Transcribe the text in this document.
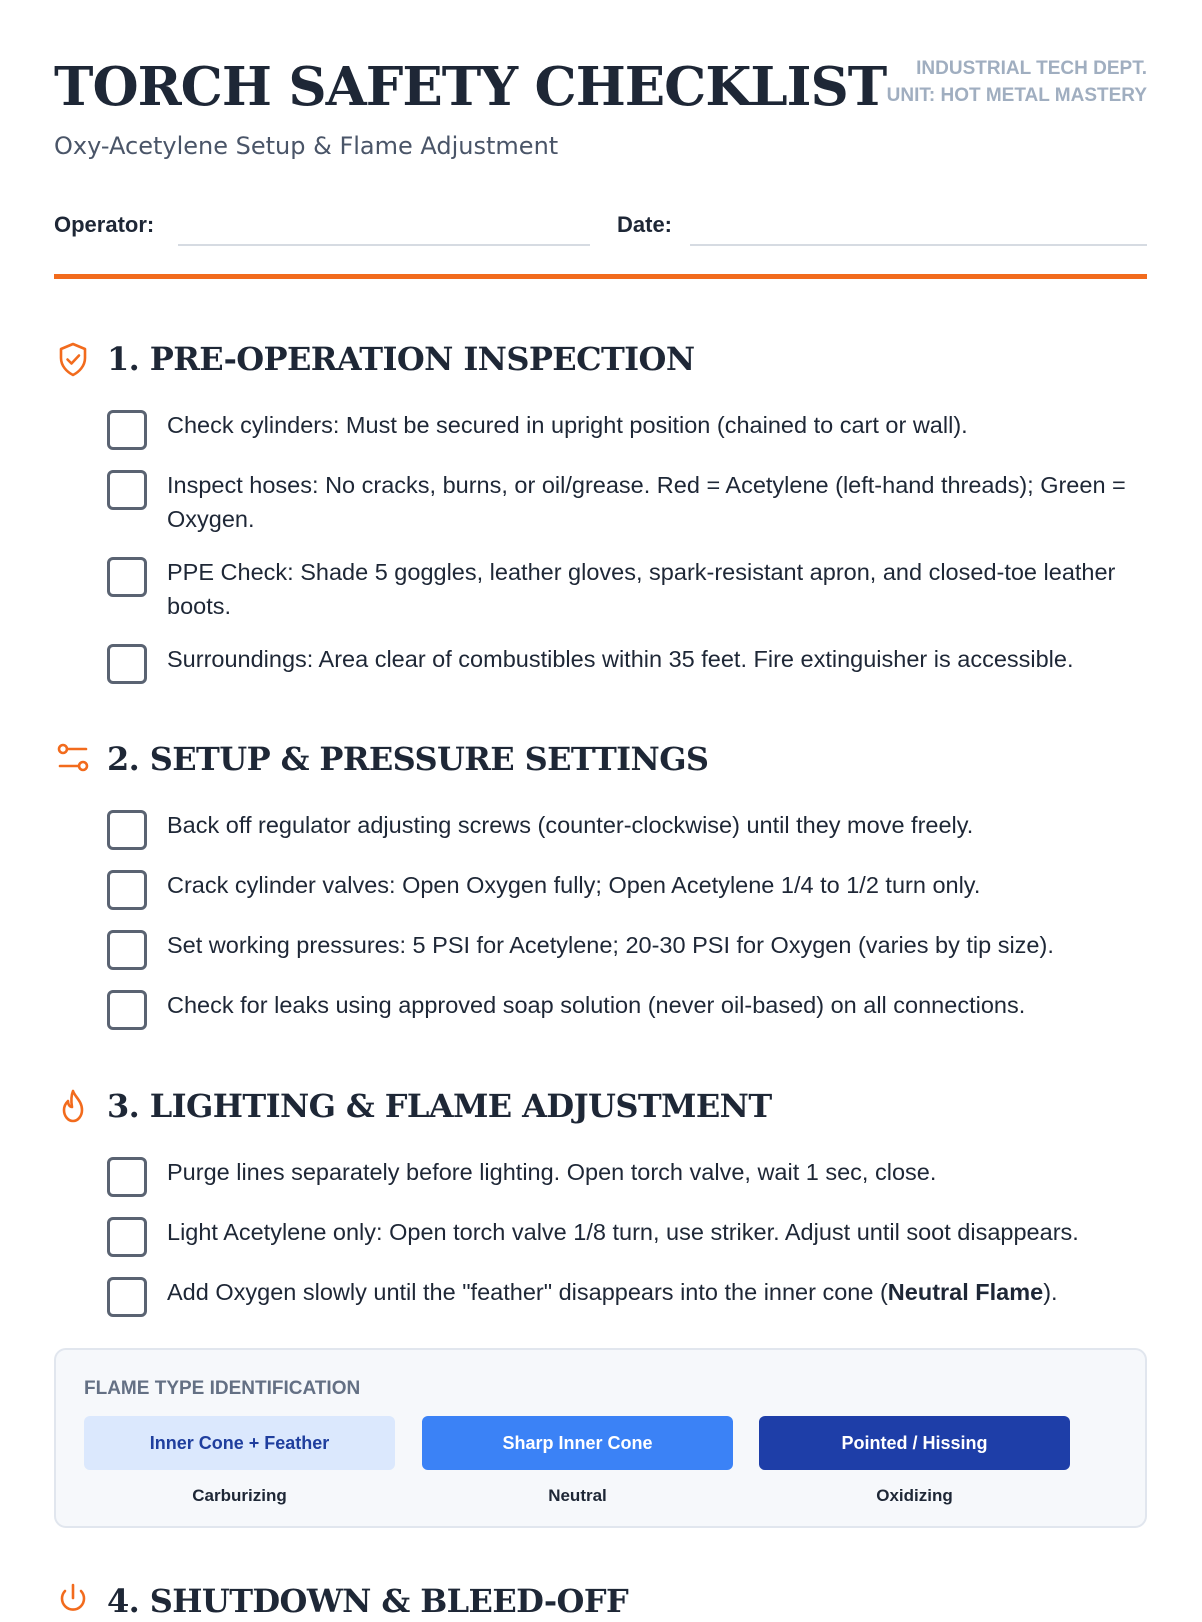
TORCH SAFETY CHECKLIST	INDUSTRIAL TECH DEPT.
UNIT: HOT METAL MASTERY
Oxy-Acetylene Setup & Flame Adjustment
Operator:	Date:
1. PRE-OPERATION INSPECTION
Check cylinders: Must be secured in upright position (chained to cart or wall).
Inspect hoses: No cracks, burns, or oil/grease. Red = Acetylene (left-hand threads); Green = Oxygen.
PPE Check: Shade 5 goggles, leather gloves, spark-resistant apron, and closed-toe leather boots.
Surroundings: Area clear of combustibles within 35 feet. Fire extinguisher is accessible.
2. SETUP & PRESSURE SETTINGS
Back off regulator adjusting screws (counter-clockwise) until they move freely.
Crack cylinder valves: Open Oxygen fully; Open Acetylene 1/4 to 1/2 turn only.
Set working pressures: 5 PSI for Acetylene; 20-30 PSI for Oxygen (varies by tip size).
Check for leaks using approved soap solution (never oil-based) on all connections.
3. LIGHTING & FLAME ADJUSTMENT
Purge lines separately before lighting. Open torch valve, wait 1 sec, close.
Light Acetylene only: Open torch valve 1/8 turn, use striker. Adjust until soot disappears.
Add Oxygen slowly until the "feather" disappears into the inner cone (Neutral Flame).
FLAME TYPE IDENTIFICATION
Inner Cone + Feather
Carburizing
Sharp Inner Cone
Neutral
Pointed / Hissing
Oxidizing
4. SHUTDOWN & BLEED-OFF
